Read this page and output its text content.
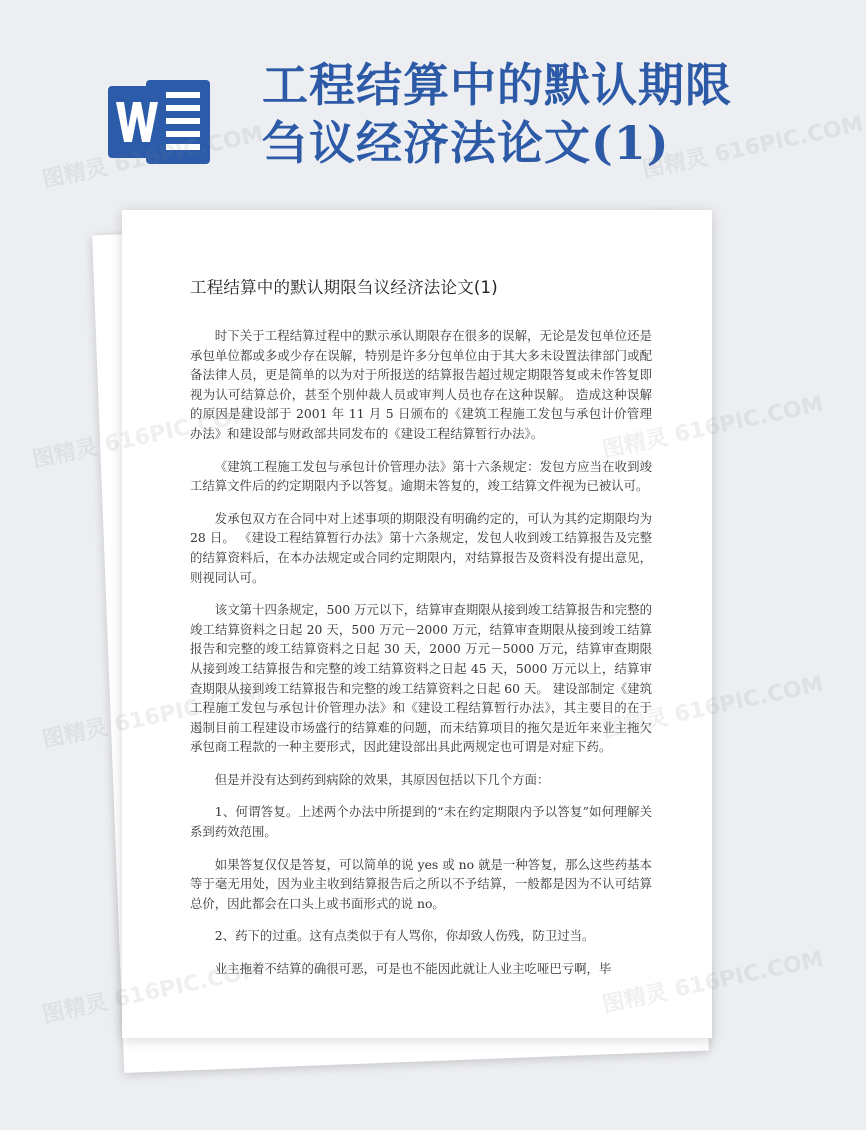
工程结算中的默认期限
刍议经济法论文(1)
工程结算中的默认期限刍议经济法论文(1)

时下关于工程结算过程中的默示承认期限存在很多的误解，无论是发包单位还是承包单位都或多或少存在误解，特别是许多分包单位由于其大多未设置法律部门或配备法律人员，更是简单的以为对于所报送的结算报告超过规定期限答复或未作答复即视为认可结算总价，甚至个别仲裁人员或审判人员也存在这种误解。 造成这种误解的原因是建设部于 2001 年 11 月 5 日颁布的《建筑工程施工发包与承包计价管理办法》和建设部与财政部共同发布的《建设工程结算暂行办法》。

《建筑工程施工发包与承包计价管理办法》第十六条规定：发包方应当在收到竣工结算文件后的约定期限内予以答复。逾期未答复的，竣工结算文件视为已被认可。

发承包双方在合同中对上述事项的期限没有明确约定的，可认为其约定期限均为 28 日。 《建设工程结算暂行办法》第十六条规定，发包人收到竣工结算报告及完整的结算资料后，在本办法规定或合同约定期限内，对结算报告及资料没有提出意见，则视同认可。

该文第十四条规定，500 万元以下，结算审查期限从接到竣工结算报告和完整的竣工结算资料之日起 20 天，500 万元－2000 万元，结算审查期限从接到竣工结算报告和完整的竣工结算资料之日起 30 天，2000 万元－5000 万元，结算审查期限从接到竣工结算报告和完整的竣工结算资料之日起 45 天，5000 万元以上，结算审查期限从接到竣工结算报告和完整的竣工结算资料之日起 60 天。 建设部制定《建筑工程施工发包与承包计价管理办法》和《建设工程结算暂行办法》，其主要目的在于遏制目前工程建设市场盛行的结算难的问题，而未结算项目的拖欠是近年来业主拖欠承包商工程款的一种主要形式，因此建设部出具此两规定也可谓是对症下药。

但是并没有达到药到病除的效果，其原因包括以下几个方面：

1、何谓答复。上述两个办法中所提到的“未在约定期限内予以答复”如何理解关系到药效范围。

如果答复仅仅是答复，可以简单的说 yes 或 no 就是一种答复，那么这些药基本等于毫无用处，因为业主收到结算报告后之所以不予结算，一般都是因为不认可结算总价，因此都会在口头上或书面形式的说 no。

2、药下的过重。这有点类似于有人骂你，你却致人伤残，防卫过当。

业主拖着不结算的确很可恶，可是也不能因此就让人业主吃哑巴亏啊，毕

图精灵	图精灵 616PIC.COM
图精灵	图精灵 616PIC.COM
图精灵	图精灵 616PIC.COM
图精灵	图精灵 616PIC.COM
